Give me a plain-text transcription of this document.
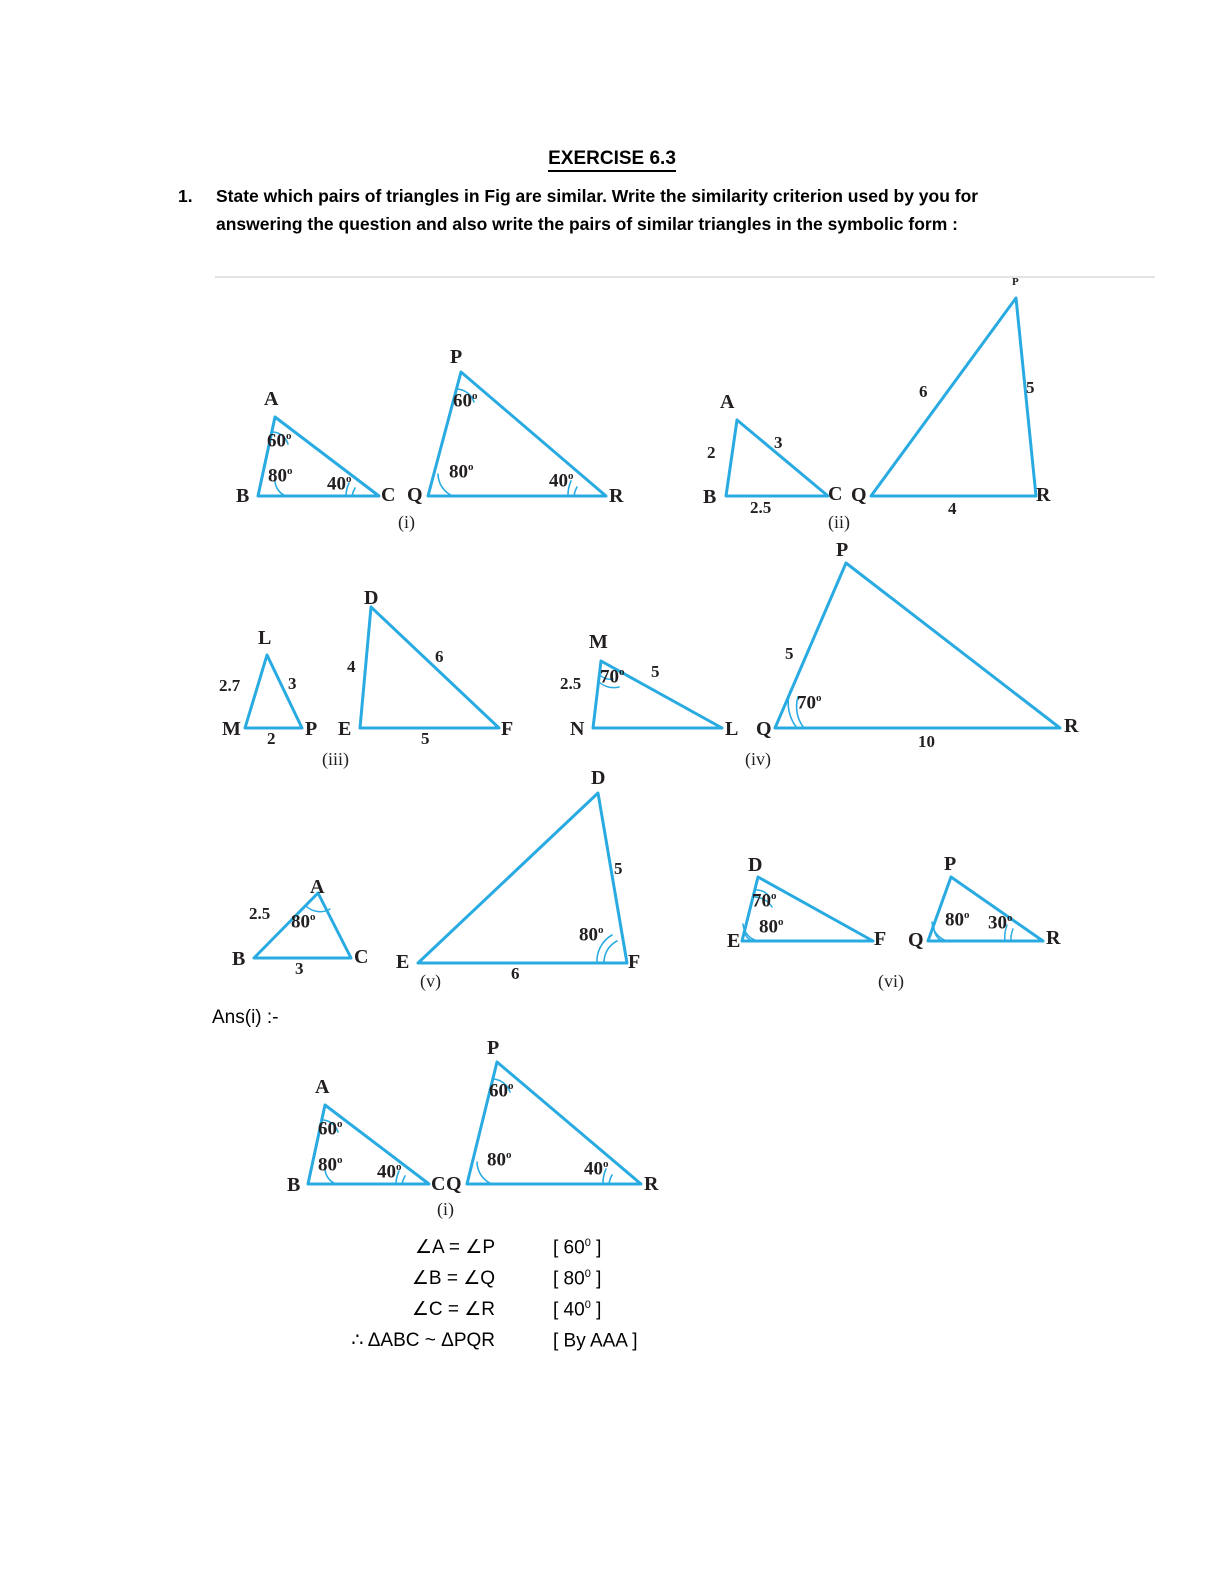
EXERCISE 6.3
1.	State which pairs of triangles in Fig are similar. Write the similarity criterion used by you for answering the question and also write the pairs of similar triangles in the symbolic form :
A
B	C
60$^o$
80$^o$
40$^o$
P
Q	R
60$^o$
80$^o$
40$^o$
(i)
A
B	C
2
3
2.5
P
Q	R
6	5
4
(ii)
L
M	P
2.7	3
2
D
E	F
4
6
5
(iii)
M
N	L
2.5
5
70$^o$
P
Q	R
5
10
70$^o$
(iv)
A
B	C
2.5
3
80$^o$
D
E	F
5
6
80$^o$
(v)
D
E	F
70$^o$
80$^o$
P
Q	R
80$^o$ 30$^o$
(vi)
Ans(i) :-
A
B	C
60$^o$
80$^o$
40$^o$
P
Q	R
60$^o$
80$^o$
40$^o$
(i)
∠A = ∠P	[ $60^0$ ]
∠B = ∠Q	[ $80^0$ ]
∠C = ∠R	[ $40^0$ ]
∴ ΔABC ~ ΔPQR	[ By AAA ]
